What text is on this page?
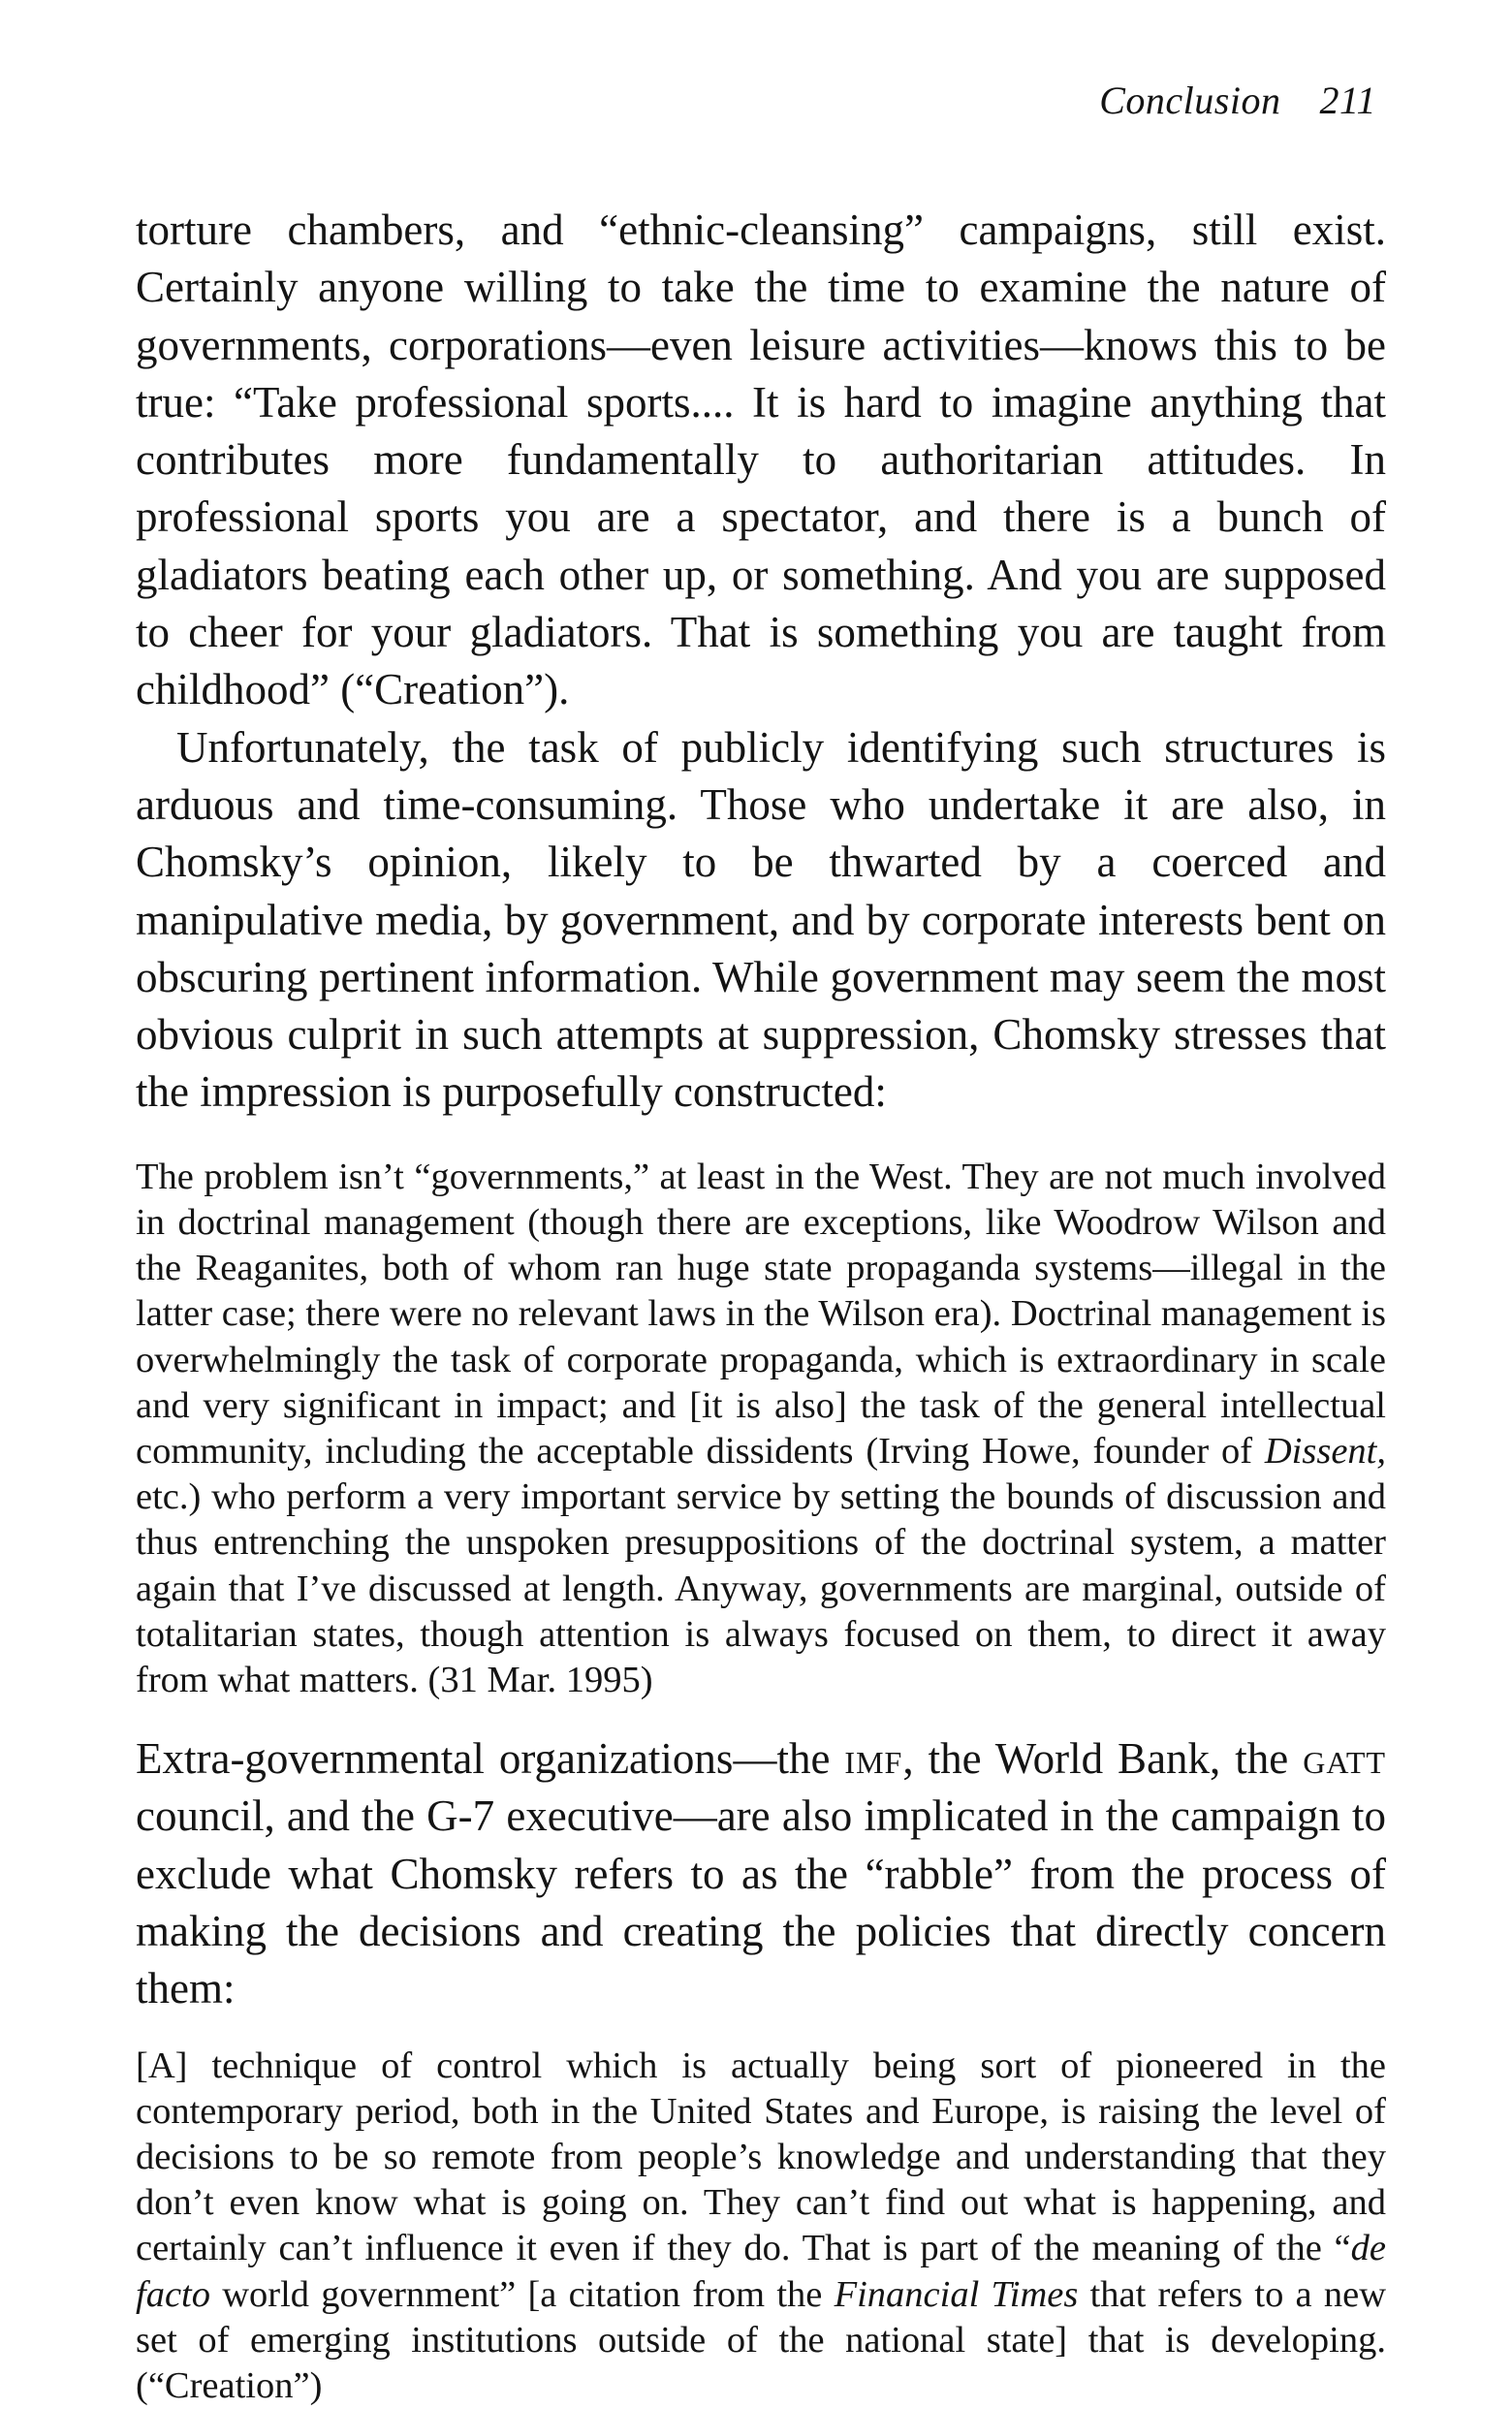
Conclusion 211

torture chambers, and “ethnic-cleansing” campaigns, still exist. Certainly anyone willing to take the time to examine the nature of governments, corporations—even leisure activities—knows this to be true: “Take professional sports.... It is hard to imagine anything that contributes more fundamentally to authoritarian attitudes. In professional sports you are a spectator, and there is a bunch of gladiators beating each other up, or something. And you are supposed to cheer for your gladiators. That is something you are taught from childhood” (“Creation”).

Unfortunately, the task of publicly identifying such structures is arduous and time-consuming. Those who undertake it are also, in Chomsky’s opinion, likely to be thwarted by a coerced and manipulative media, by government, and by corporate interests bent on obscuring pertinent information. While government may seem the most obvious culprit in such attempts at suppression, Chomsky stresses that the impression is purposefully constructed:

The problem isn’t “governments,” at least in the West. They are not much involved in doctrinal management (though there are exceptions, like Woodrow Wilson and the Reaganites, both of whom ran huge state propaganda systems—illegal in the latter case; there were no relevant laws in the Wilson era). Doctrinal management is overwhelmingly the task of corporate propaganda, which is extraordinary in scale and very significant in impact; and [it is also] the task of the general intellectual community, including the acceptable dissidents (Irving Howe, founder of Dissent, etc.) who perform a very important service by setting the bounds of discussion and thus entrenching the unspoken presuppositions of the doctrinal system, a matter again that I’ve discussed at length. Anyway, governments are marginal, outside of totalitarian states, though attention is always focused on them, to direct it away from what matters. (31 Mar. 1995)

Extra-governmental organizations—the imf, the World Bank, the gatt council, and the G-7 executive—are also implicated in the campaign to exclude what Chomsky refers to as the “rabble” from the process of making the decisions and creating the policies that directly concern them:

[A] technique of control which is actually being sort of pioneered in the contemporary period, both in the United States and Europe, is raising the level of decisions to be so remote from people’s knowledge and understanding that they don’t even know what is going on. They can’t find out what is happening, and certainly can’t influence it even if they do. That is part of the meaning of the “de facto world government” [a citation from the Financial Times that refers to a new set of emerging institutions outside of the national state] that is developing. (“Creation”)
